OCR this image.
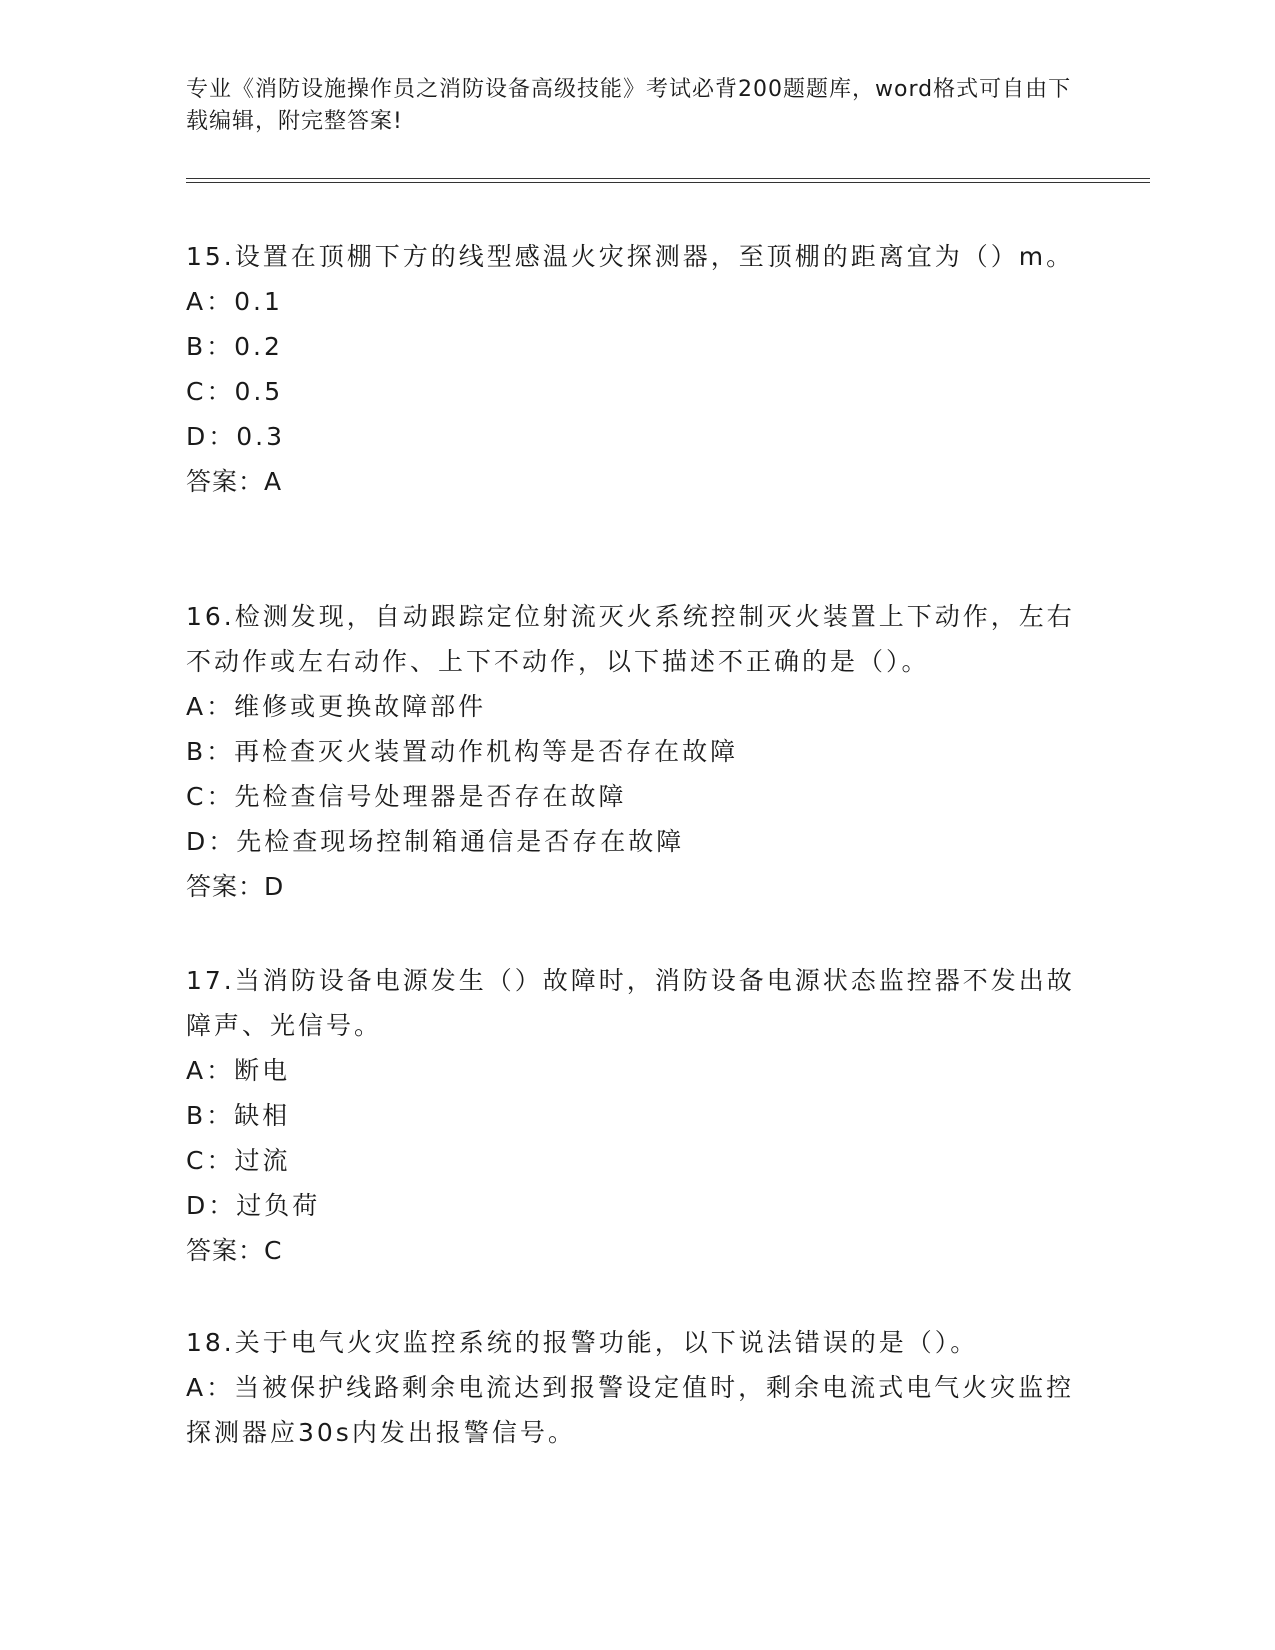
专业《消防设施操作员之消防设备高级技能》考试必背200题题库，word格式可自由下载编辑，附完整答案!

15.设置在顶棚下方的线型感温火灾探测器，至顶棚的距离宜为（）m。

A：0.1

B：0.2

C：0.5

D：0.3

答案：A

16.检测发现，自动跟踪定位射流灭火系统控制灭火装置上下动作，左右不动作或左右动作、上下不动作，以下描述不正确的是（）。

A：维修或更换故障部件

B：再检查灭火装置动作机构等是否存在故障

C：先检查信号处理器是否存在故障

D：先检查现场控制箱通信是否存在故障

答案：D

17.当消防设备电源发生（）故障时，消防设备电源状态监控器不发出故障声、光信号。

A：断电

B：缺相

C：过流

D：过负荷

答案：C

18.关于电气火灾监控系统的报警功能，以下说法错误的是（）。

A：当被保护线路剩余电流达到报警设定值时，剩余电流式电气火灾监控探测器应30s内发出报警信号。
